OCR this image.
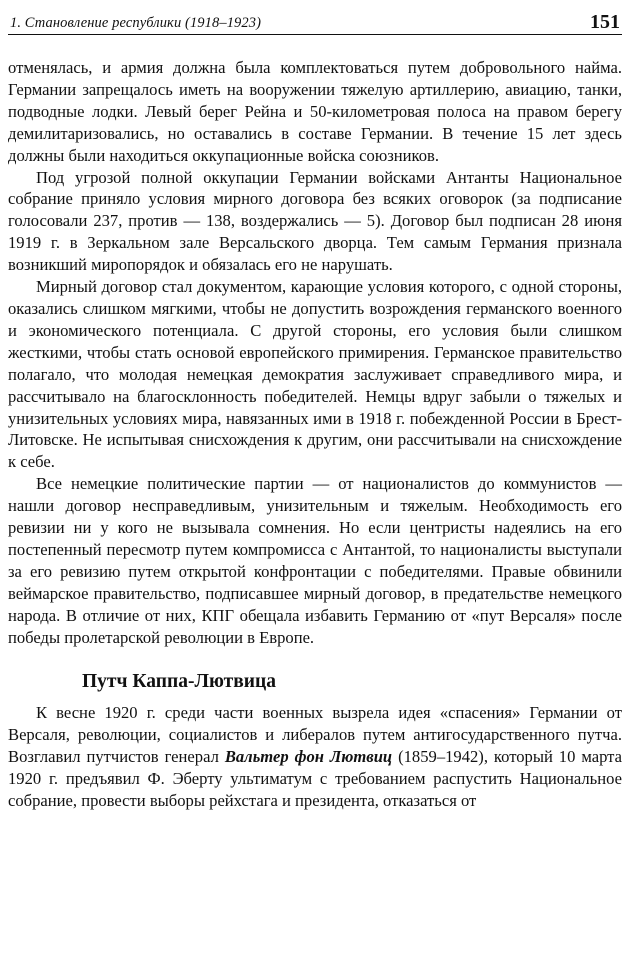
1. Становление республики (1918–1923)	151

отменялась, и армия должна была комплектоваться путем добровольного найма. Германии запрещалось иметь на вооружении тяжелую артиллерию, авиацию, танки, подводные лодки. Левый берег Рейна и 50-километровая полоса на правом берегу демилитаризовались, но оставались в составе Германии. В течение 15 лет здесь должны были находиться оккупационные войска союзников.

Под угрозой полной оккупации Германии войсками Антанты Национальное собрание приняло условия мирного договора без всяких оговорок (за подписание голосовали 237, против — 138, воздержались — 5). Договор был подписан 28 июня 1919 г. в Зеркальном зале Версальского дворца. Тем самым Германия признала возникший миропорядок и обязалась его не нарушать.

Мирный договор стал документом, карающие условия которого, с одной стороны, оказались слишком мягкими, чтобы не допустить возрождения германского военного и экономического потенциала. С другой стороны, его условия были слишком жесткими, чтобы стать основой европейского примирения. Германское правительство полагало, что молодая немецкая демократия заслуживает справедливого мира, и рассчитывало на благосклонность победителей. Немцы вдруг забыли о тяжелых и унизительных условиях мира, навязанных ими в 1918 г. побежденной России в Брест-Литовске. Не испытывая снисхождения к другим, они рассчитывали на снисхождение к себе.

Все немецкие политические партии — от националистов до коммунистов — нашли договор несправедливым, унизительным и тяжелым. Необходимость его ревизии ни у кого не вызывала сомнения. Но если центристы надеялись на его постепенный пересмотр путем компромисса с Антантой, то националисты выступали за его ревизию путем открытой конфронтации с победителями. Правые обвинили веймарское правительство, подписавшее мирный договор, в предательстве немецкого народа. В отличие от них, КПГ обещала избавить Германию от «пут Версаля» после победы пролетарской революции в Европе.

Путч Каппа-Лютвица

К весне 1920 г. среди части военных вызрела идея «спасения» Германии от Версаля, революции, социалистов и либералов путем антигосударственного путча. Возглавил путчистов генерал Вальтер фон Лютвиц (1859–1942), который 10 марта 1920 г. предъявил Ф. Эберту ультиматум с требованием распустить Национальное собрание, провести выборы рейхстага и президента, отказаться от
